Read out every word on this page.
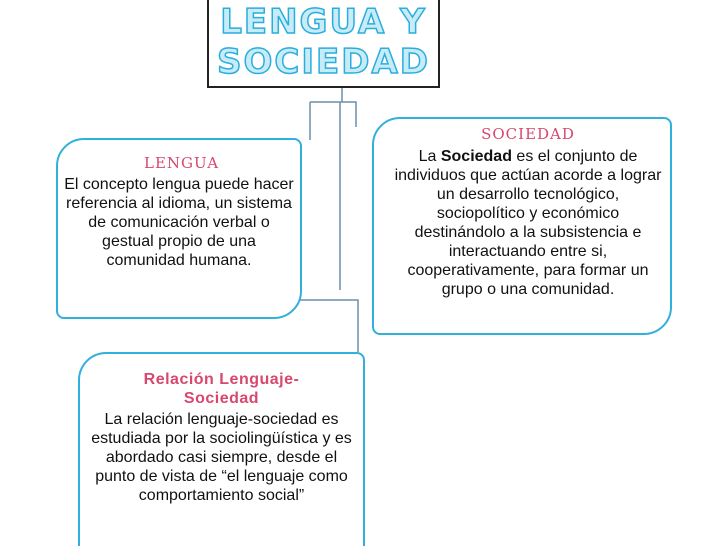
LENGUA Y
SOCIEDAD
LENGUA
El concepto lengua puede hacer referencia al idioma, un sistema de comunicación verbal o gestual propio de una comunidad humana.
SOCIEDAD
La Sociedad es el conjunto de individuos que actúan acorde a lograr un desarrollo tecnológico, sociopolítico y económico destinándolo a la subsistencia e interactuando entre si, cooperativamente, para formar un grupo o una comunidad.
Relación Lenguaje-Sociedad
La relación lenguaje-sociedad es estudiada por la sociolingüística y es abordado casi siempre, desde el punto de vista de “el lenguaje como comportamiento social”
